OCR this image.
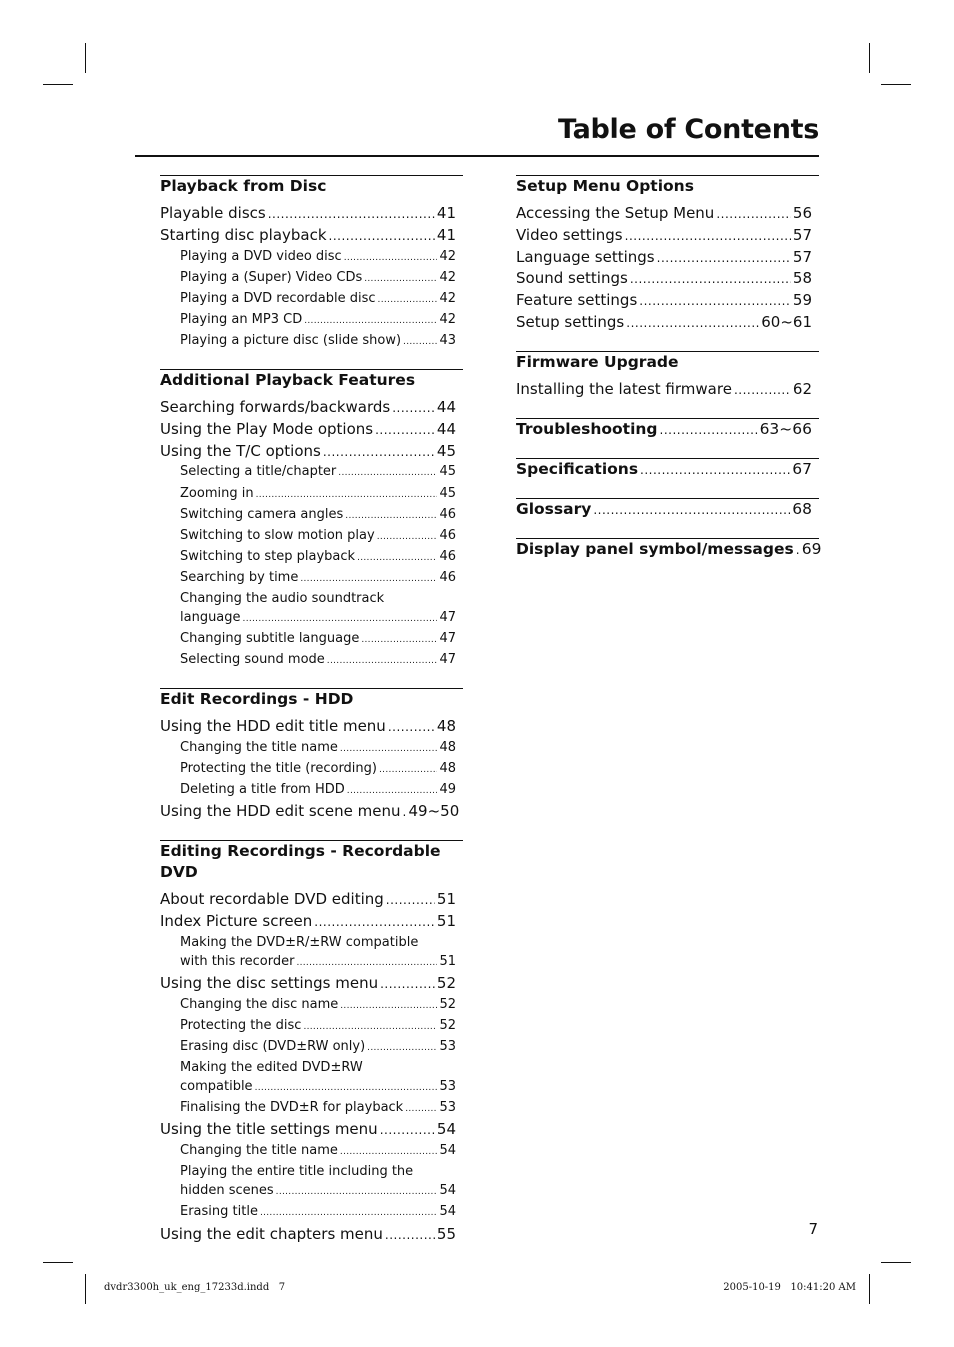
Table of Contents
Playback from Disc
Playable discs .....	41
Starting disc playback .....	41
Playing a DVD video disc .....	42
Playing a (Super) Video CDs .....	42
Playing a DVD recordable disc .....	42
Playing an MP3 CD .....	42
Playing a picture disc (slide show) .....	43
Additional Playback Features
Searching forwards/backwards .....	44
Using the Play Mode options .....	44
Using the T/C options .....	45
Selecting a title/chapter .....	45
Zooming in .....	45
Switching camera angles .....	46
Switching to slow motion play .....	46
Switching to step playback .....	46
Searching by time .....	46
Changing the audio soundtrack
language .....	47
Changing subtitle language .....	47
Selecting sound mode .....	47
Edit Recordings - HDD
Using the HDD edit title menu .....	48
Changing the title name .....	48
Protecting the title (recording) .....	48
Deleting a title from HDD .....	49
Using the HDD edit scene menu ..... 49~50
Editing Recordings - Recordable DVD
About recordable DVD editing .....	51
Index Picture screen .....	51
Making the DVD±R/±RW compatible
with this recorder .....	51
Using the disc settings menu .....	52
Changing the disc name .....	52
Protecting the disc .....	52
Erasing disc (DVD±RW only) .....	53
Making the edited DVD±RW
compatible .....	53
Finalising the DVD±R for playback .....	53
Using the title settings menu .....	54
Changing the title name .....	54
Playing the entire title including the
hidden scenes .....	54
Erasing title .....	54
Using the edit chapters menu .....	55
Setup Menu Options
Accessing the Setup Menu .....	56
Video settings .....	57
Language settings .....	57
Sound settings .....	58
Feature settings .....	59
Setup settings .....	60~61
Firmware Upgrade
Installing the latest firmware .....	62
Troubleshooting .....	63~66
Specifications .....	67
Glossary .....	68
Display panel symbol/messages ..... 69
7
dvdr3300h_uk_eng_17233d.indd   7	2005-10-19   10:41:20 AM
